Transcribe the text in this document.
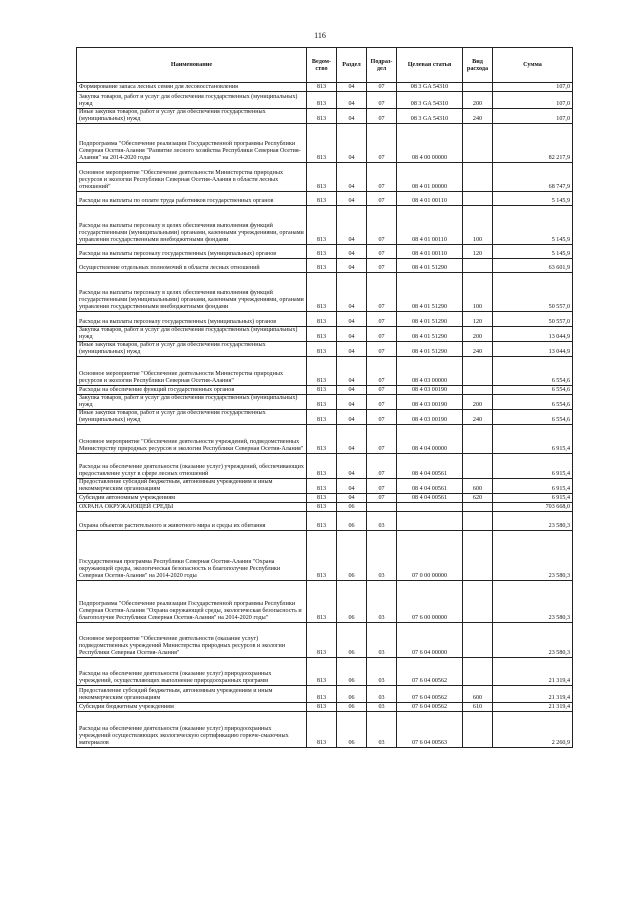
116
Наименование	Ведом-ство	Раздел	Подраз-дел	Целевая статья	Вид расхода	Сумма
Формирование запаса лесных семян для лесовосстановления	813	04	07	08 3 GA 54310		107,0
Закупка товаров, работ и услуг для обеспечения государственных (муниципальных) нужд	813	04	07	08 3 GA 54310	200	107,0
Иные закупки товаров, работ и услуг для обеспечения государственных (муниципальных) нужд	813	04	07	08 3 GA 54310	240	107,0
Подпрограмма "Обеспечение реализации Государственной программы Республики Северная Осетия-Алания "Развитие лесного хозяйства Республики Северная Осетия-Алания" на 2014-2020 годы	813	04	07	08 4 00 00000		82 217,9
Основное мероприятие "Обеспечение деятельности Министерства природных ресурсов и экологии Республики Северная Осетия-Алания в области лесных отношений"	813	04	07	08 4 01 00000		68 747,9
Расходы на выплаты по оплате труда работников государственных органов	813	04	07	08 4 01 00110		5 145,9
Расходы на выплаты персоналу в целях обеспечения выполнения функций государственными (муниципальными) органами, казенными учреждениями, органами управления государственными внебюджетными фондами	813	04	07	08 4 01 00110	100	5 145,9
Расходы на выплаты персоналу государственных (муниципальных) органов	813	04	07	08 4 01 00110	120	5 145,9
Осуществление отдельных полномочий в области лесных отношений	813	04	07	08 4 01 51290		63 601,9
Расходы на выплаты персоналу в целях обеспечения выполнения функций государственными (муниципальными) органами, казенными учреждениями, органами управления государственными внебюджетными фондами	813	04	07	08 4 01 51290	100	50 557,0
Расходы на выплаты персоналу государственных (муниципальных) органов	813	04	07	08 4 01 51290	120	50 557,0
Закупка товаров, работ и услуг для обеспечения государственных (муниципальных) нужд	813	04	07	08 4 01 51290	200	13 044,9
Иные закупки товаров, работ и услуг для обеспечения государственных (муниципальных) нужд	813	04	07	08 4 01 51290	240	13 044,9
Основное мероприятие "Обеспечение деятельности Министерства природных ресурсов и экологии Республики Северная Осетия-Алания"	813	04	07	08 4 03 00000		6 554,6
Расходы на обеспечение функций государственных органов	813	04	07	08 4 03 00190		6 554,6
Закупка товаров, работ и услуг для обеспечения государственных (муниципальных) нужд	813	04	07	08 4 03 00190	200	6 554,6
Иные закупки товаров, работ и услуг для обеспечения государственных (муниципальных) нужд	813	04	07	08 4 03 00190	240	6 554,6
Основное мероприятие "Обеспечение деятельности учреждений, подведомственных Министерству природных ресурсов и экологии Республики Северная Осетия-Алания"	813	04	07	08 4 04 00000		6 915,4
Расходы на обеспечение деятельности (оказание услуг) учреждений, обеспечивающих предоставление услуг в сфере лесных отношений	813	04	07	08 4 04 00561		6 915,4
Предоставление субсидий бюджетным, автономным учреждениям и иным некоммерческим организациям	813	04	07	08 4 04 00561	600	6 915,4
Субсидии автономным учреждениям	813	04	07	08 4 04 00561	620	6 915,4
ОХРАНА ОКРУЖАЮЩЕЙ СРЕДЫ	813	06				703 668,0
Охрана объектов растительного и животного мира и среды их обитания	813	06	03			23 580,3
Государственная программа Республики Северная Осетия-Алания "Охрана окружающей среды, экологическая безопасность и благополучие Республики Северная Осетия-Алания" на 2014-2020 годы	813	06	03	07 0 00 00000		23 580,3
Подпрограмма "Обеспечение реализации Государственной программы Республики Северная Осетия-Алания "Охрана окружающей среды, экологическая безопасность и благополучие Республики Северная Осетия-Алания" на 2014-2020 годы"	813	06	03	07 6 00 00000		23 580,3
Основное мероприятие "Обеспечение деятельности (оказание услуг) подведомственных учреждений Министерства природных ресурсов и экологии Республики Северная Осетия-Алания"	813	06	03	07 6 04 00000		23 580,3
Расходы на обеспечение деятельности (оказание услуг) природоохранных учреждений, осуществляющих выполнение природоохранных программ	813	06	03	07 6 04 00562		21 319,4
Предоставление субсидий бюджетным, автономным учреждениям и иным некоммерческим организациям	813	06	03	07 6 04 00562	600	21 319,4
Субсидии бюджетным учреждениям	813	06	03	07 6 04 00562	610	21 319,4
Расходы на обеспечение деятельности (оказание услуг) природоохранных учреждений осуществляющих экологическую сертификацию горюче-смазочных материалов	813	06	03	07 6 04 00563		2 260,9
